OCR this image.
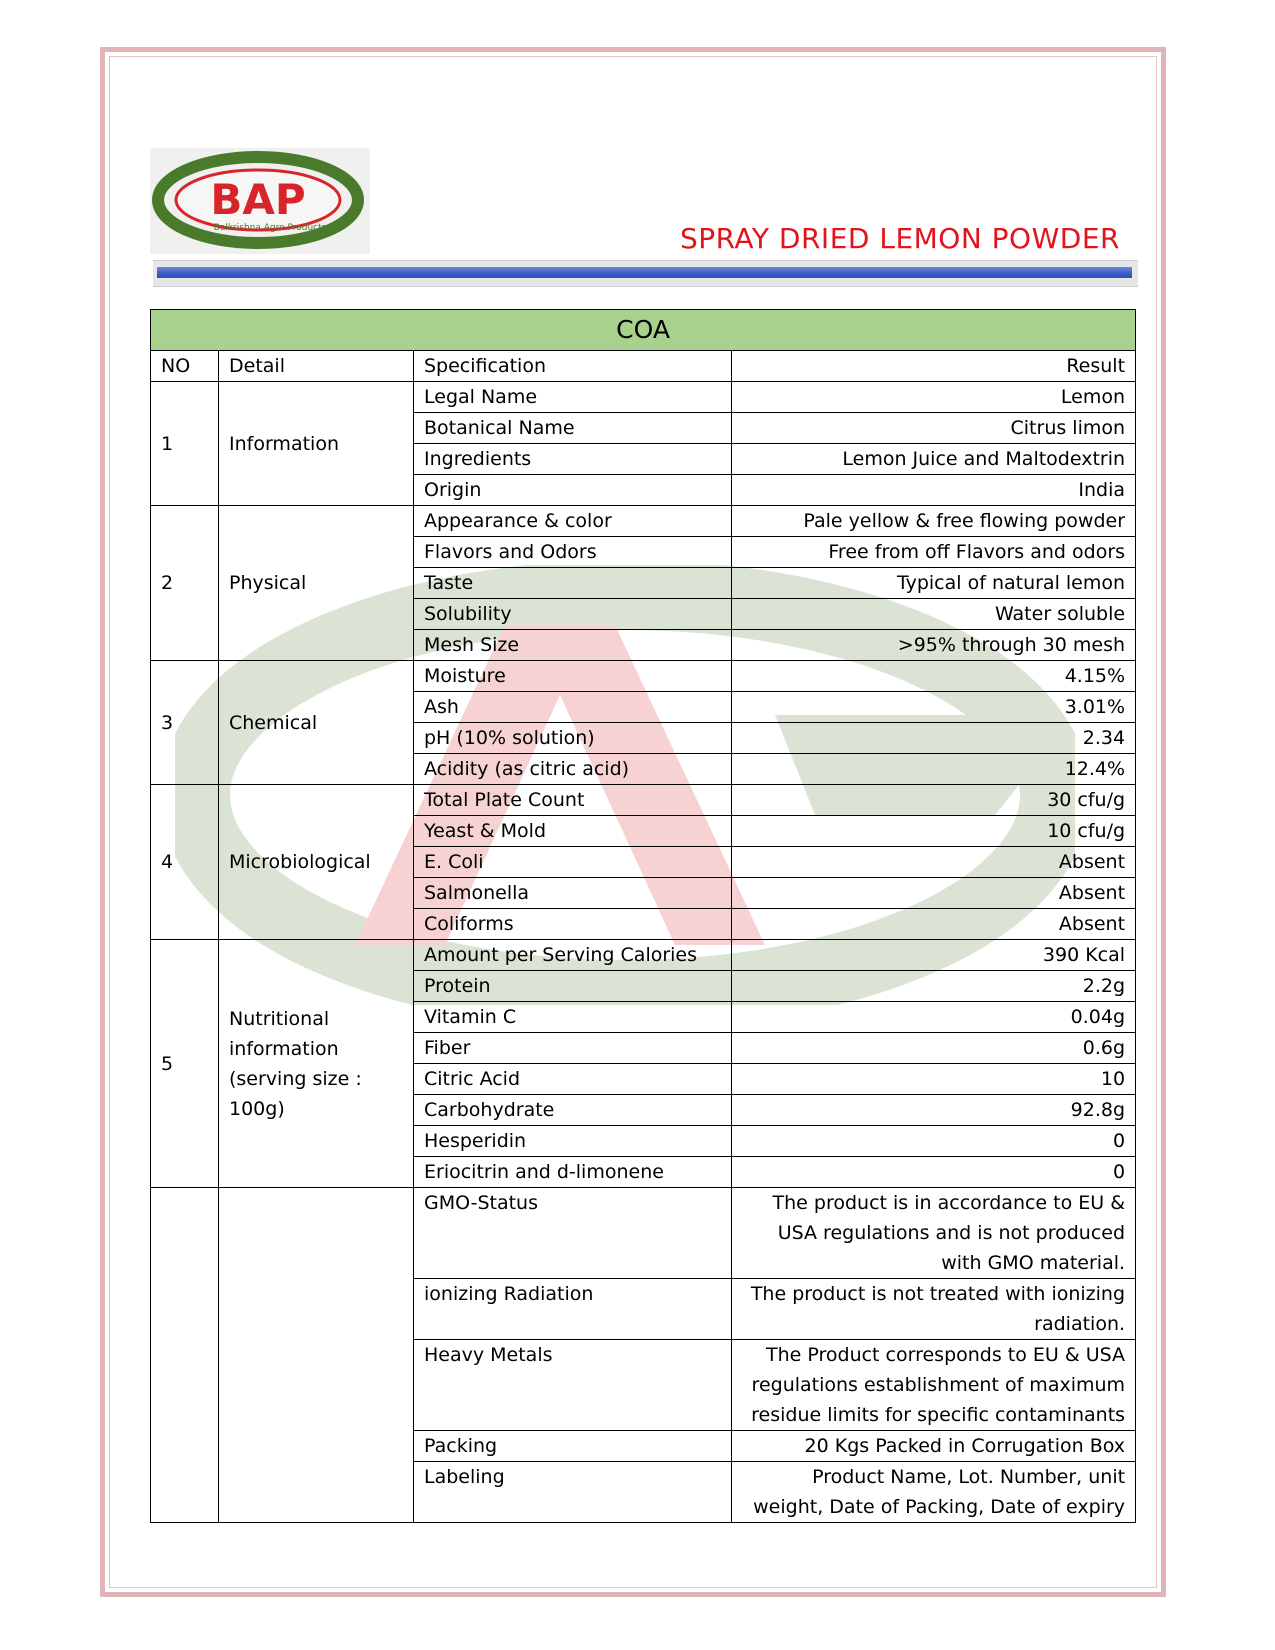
BAP
Balkrishna Agro Products	SPRAY DRIED LEMON POWDER
COA			
NO	Detail	Specification	Result
1	Information	Legal Name	Lemon
		Botanical Name	Citrus limon
		Ingredients	Lemon Juice and Maltodextrin
		Origin	India
2	Physical	Appearance & color	Pale yellow & free flowing powder
		Flavors and Odors	Free from off Flavors and odors
		Taste	Typical of natural lemon
		Solubility	Water soluble
		Mesh Size	>95% through 30 mesh
3	Chemical	Moisture	4.15%
		Ash	3.01%
		pH (10% solution)	2.34
		Acidity (as citric acid)	12.4%
4	Microbiological	Total Plate Count	30 cfu/g
		Yeast & Mold	10 cfu/g
		E. Coli	Absent
		Salmonella	Absent
		Coliforms	Absent
5	Nutritional information (serving size : 100g)	Amount per Serving Calories	390 Kcal
		Protein	2.2g
		Vitamin C	0.04g
		Fiber	0.6g
		Citric Acid	10
		Carbohydrate	92.8g
		Hesperidin	0
		Eriocitrin and d-limonene	0
		GMO-Status	The product is in accordance to EU & USA regulations and is not produced with GMO material.
		ionizing Radiation	The product is not treated with ionizing radiation.
		Heavy Metals	The Product corresponds to EU & USA regulations establishment of maximum residue limits for specific contaminants
		Packing	20 Kgs Packed in Corrugation Box
		Labeling	Product Name, Lot. Number, unit weight, Date of Packing, Date of expiry
